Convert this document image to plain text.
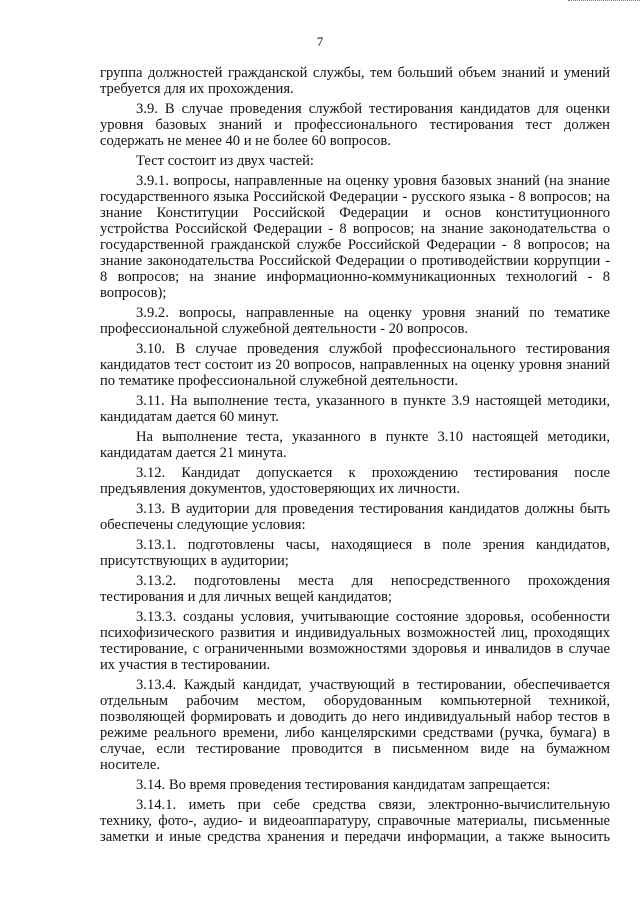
7

группа должностей гражданской службы, тем больший объем знаний и умений требуется для их прохождения.

3.9. В случае проведения службой тестирования кандидатов для оценки уровня базовых знаний и профессионального тестирования тест должен содержать не менее 40 и не более 60 вопросов.

Тест состоит из двух частей:

3.9.1. вопросы, направленные на оценку уровня базовых знаний (на знание государственного языка Российской Федерации - русского языка - 8 вопросов; на знание Конституции Российской Федерации и основ конституционного устройства Российской Федерации - 8 вопросов; на знание законодательства о государственной гражданской службе Российской Федерации - 8 вопросов; на знание законодательства Российской Федерации о противодействии коррупции - 8 вопросов; на знание информационно-коммуникационных технологий - 8 вопросов);

3.9.2. вопросы, направленные на оценку уровня знаний по тематике профессиональной служебной деятельности - 20 вопросов.

3.10. В случае проведения службой профессионального тестирования кандидатов тест состоит из 20 вопросов, направленных на оценку уровня знаний по тематике профессиональной служебной деятельности.

3.11. На выполнение теста, указанного в пункте 3.9 настоящей методики, кандидатам дается 60 минут.

На выполнение теста, указанного в пункте 3.10 настоящей методики, кандидатам дается 21 минута.

3.12. Кандидат допускается к прохождению тестирования после предъявления документов, удостоверяющих их личности.

3.13. В аудитории для проведения тестирования кандидатов должны быть обеспечены следующие условия:

3.13.1. подготовлены часы, находящиеся в поле зрения кандидатов, присутствующих в аудитории;

3.13.2. подготовлены места для непосредственного прохождения тестирования и для личных вещей кандидатов;

3.13.3. созданы условия, учитывающие состояние здоровья, особенности психофизического развития и индивидуальных возможностей лиц, проходящих тестирование, с ограниченными возможностями здоровья и инвалидов в случае их участия в тестировании.

3.13.4. Каждый кандидат, участвующий в тестировании, обеспечивается отдельным рабочим местом, оборудованным компьютерной техникой, позволяющей формировать и доводить до него индивидуальный набор тестов в режиме реального времени, либо канцелярскими средствами (ручка, бумага) в случае, если тестирование проводится в письменном виде на бумажном носителе.

3.14. Во время проведения тестирования кандидатам запрещается:

3.14.1. иметь при себе средства связи, электронно-вычислительную технику, фото-, аудио- и видеоаппаратуру, справочные материалы, письменные заметки и иные средства хранения и передачи информации, а также выносить
